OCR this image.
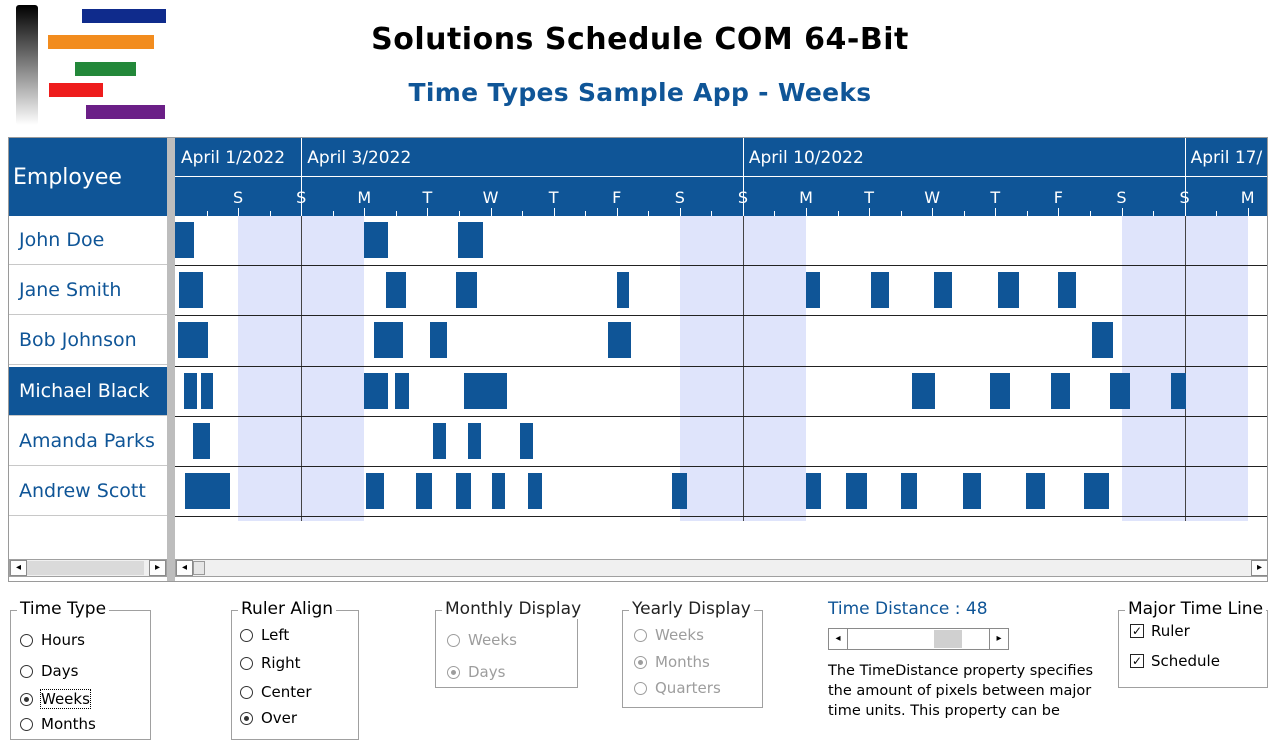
Solutions Schedule COM 64-Bit
Time Types Sample App - Weeks
Employee
John Doe
Jane Smith
Bob Johnson
Michael Black
Amanda Parks
Andrew Scott
April 1/2022 April 3/2022	April 10/2022	April 17/
S	S	M	T	W	T	F	S	S	M	T	W	T	F	S	S	M
◂	▸	◂	▸
Time Type
Hours
Days
Weeks
Months
Ruler Align
Left
Right
Center
Over
Monthly Display
Weeks
Days
Yearly Display
Weeks
Months
Quarters
Time Distance : 48
◂	▸
The TimeDistance property specifies the amount of pixels between major time units. This property can be
Major Time Line
✓ Ruler
✓ Schedule
